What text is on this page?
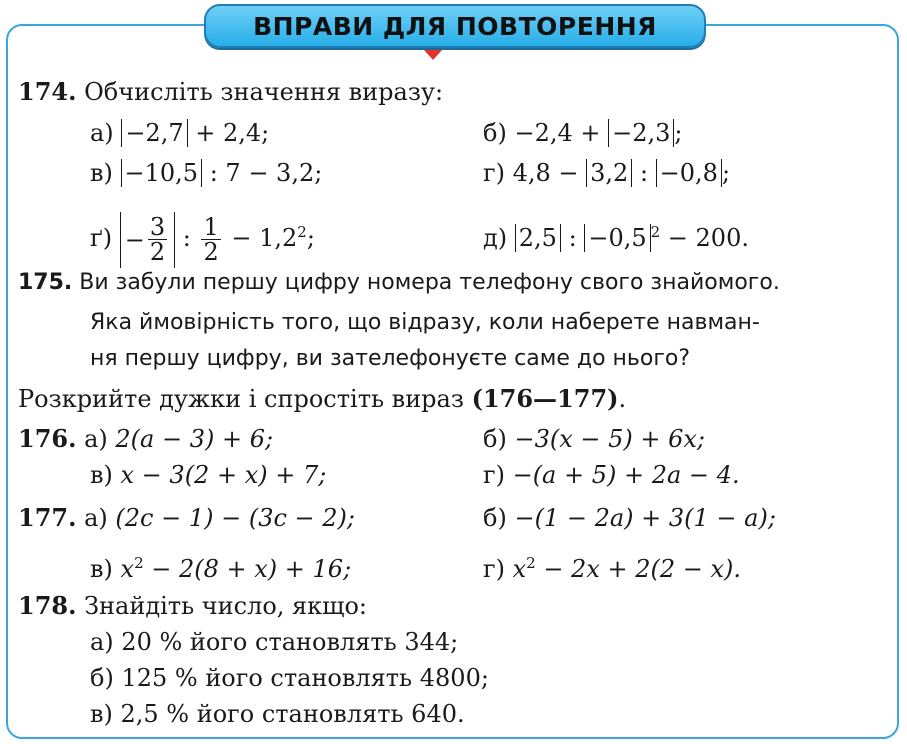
ВПРАВИ ДЛЯ ПОВТОРЕННЯ
174. Обчисліть значення виразу:
а) −2,7 + 2,4;	б) −2,4 + −2,3 ;
в) −10,5 : 7 − 3,2;	г) 4,8 − 3,2 : −0,8 ;
$ґ) - \frac{3}{2}$ : $\frac{1}{2} - 1,2^2$;	д) 2,5 : −0,5 $^2$ − 200.
175. Ви забули першу цифру номера телефону свого знайомого.
Яка ймовірність того, що відразу, коли наберете навман-
ня першу цифру, ви зателефонуєте саме до нього?
Розкрийте дужки і спростіть вираз (176—177).
176. а) 2(a − 3) + 6;	б) −3(x − 5) + 6x;
в) x − 3(2 + x) + 7;	г) −(a + 5) + 2a − 4.
177. а) (2c − 1) − (3c − 2);	б) −(1 − 2a) + 3(1 − a);
в) $x^2 - 2(8 + x) + 16$;	г) $x^2 - 2x + 2(2 - x)$.
178. Знайдіть число, якщо:
а) 20 % його становлять 344;
б) 125 % його становлять 4800;
в) 2,5 % його становлять 640.
